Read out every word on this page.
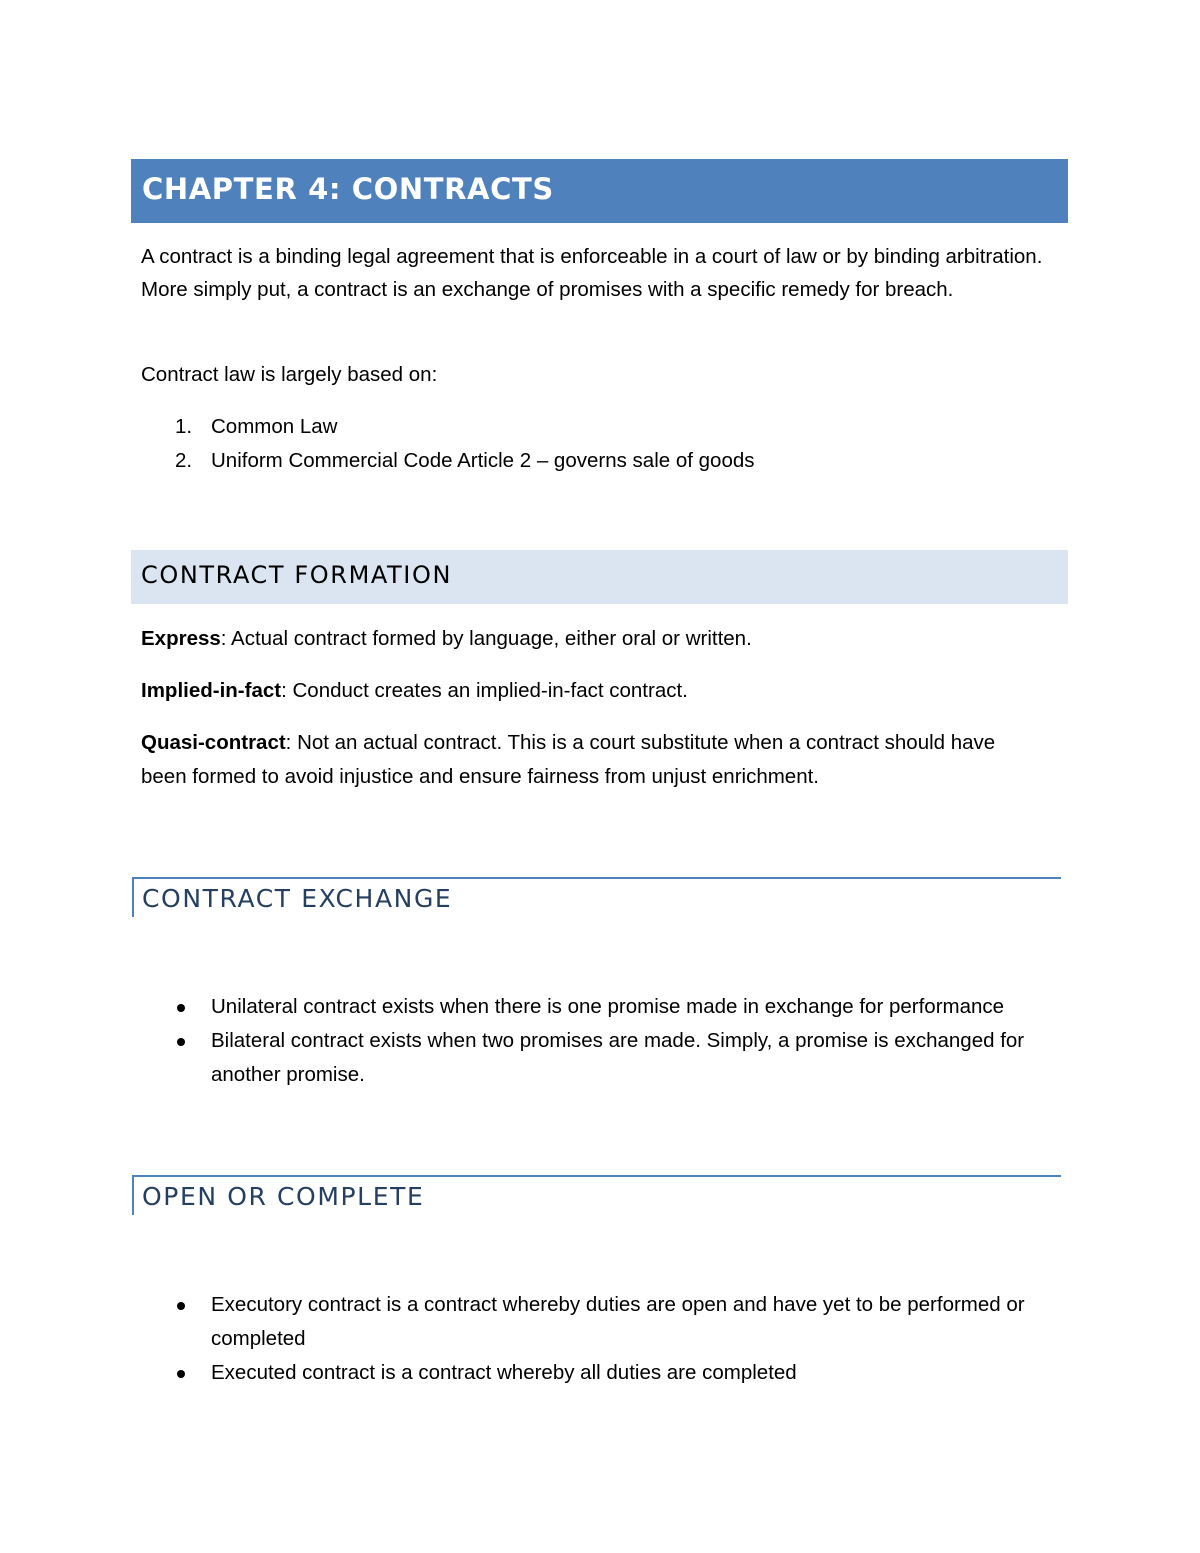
CHAPTER 4: CONTRACTS

A contract is a binding legal agreement that is enforceable in a court of law or by binding arbitration. More simply put, a contract is an exchange of promises with a specific remedy for breach.

Contract law is largely based on:

1. Common Law
2. Uniform Commercial Code Article 2 – governs sale of goods
CONTRACT FORMATION

Express: Actual contract formed by language, either oral or written.

Implied-in-fact: Conduct creates an implied-in-fact contract.

Quasi-contract: Not an actual contract. This is a court substitute when a contract should have been formed to avoid injustice and ensure fairness from unjust enrichment.

CONTRACT EXCHANGE
Unilateral contract exists when there is one promise made in exchange for performance
Bilateral contract exists when two promises are made. Simply, a promise is exchanged for another promise.
OPEN OR COMPLETE
Executory contract is a contract whereby duties are open and have yet to be performed or completed
Executed contract is a contract whereby all duties are completed
